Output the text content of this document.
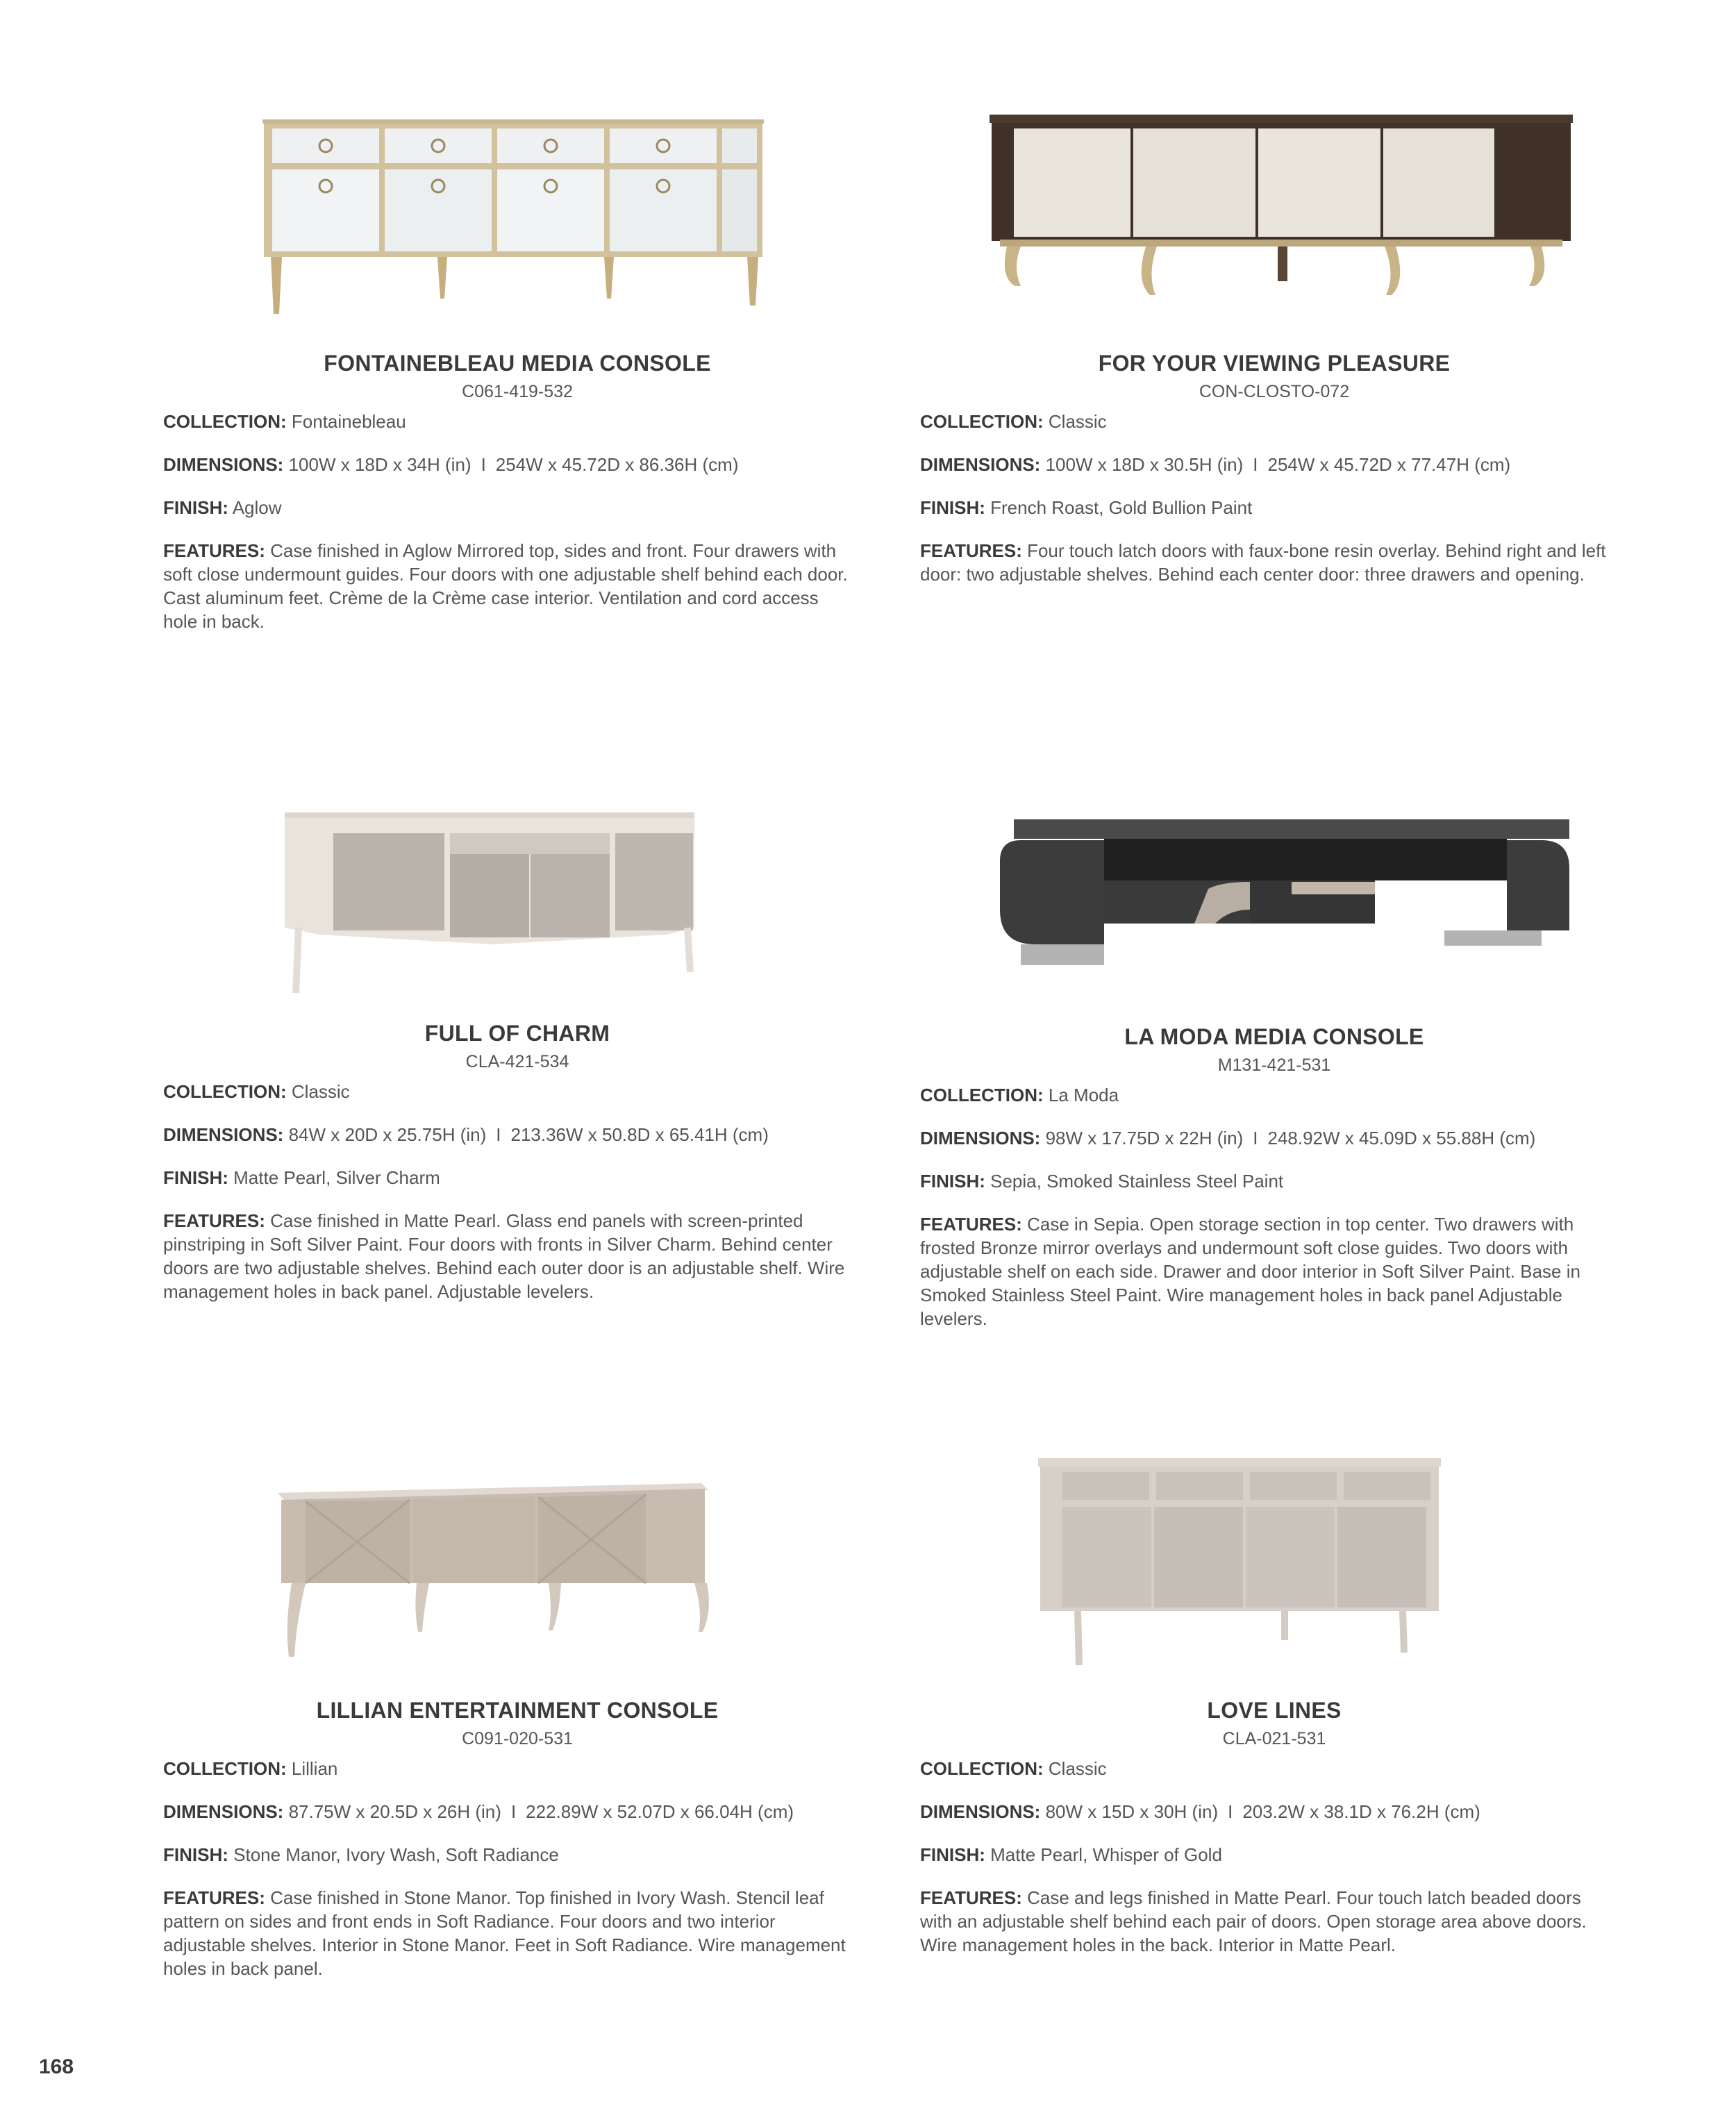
FONTAINEBLEAU MEDIA CONSOLE
C061-419-532

COLLECTION: Fontainebleau

DIMENSIONS: 100W x 18D x 34H (in) I 254W x 45.72D x 86.36H (cm)

FINISH: Aglow

FEATURES: Case finished in Aglow Mirrored top, sides and front. Four drawers with soft close undermount guides. Four doors with one adjustable shelf behind each door. Cast aluminum feet. Crème de la Crème case interior. Ventilation and cord access hole in back.

FOR YOUR VIEWING PLEASURE
CON-CLOSTO-072

COLLECTION: Classic

DIMENSIONS: 100W x 18D x 30.5H (in) I 254W x 45.72D x 77.47H (cm)

FINISH: French Roast, Gold Bullion Paint

FEATURES: Four touch latch doors with faux-bone resin overlay. Behind right and left door: two adjustable shelves. Behind each center door: three drawers and opening.

FULL OF CHARM
CLA-421-534

COLLECTION: Classic

DIMENSIONS: 84W x 20D x 25.75H (in) I 213.36W x 50.8D x 65.41H (cm)

FINISH: Matte Pearl, Silver Charm

FEATURES: Case finished in Matte Pearl. Glass end panels with screen-printed pinstriping in Soft Silver Paint. Four doors with fronts in Silver Charm. Behind center doors are two adjustable shelves. Behind each outer door is an adjustable shelf. Wire management holes in back panel. Adjustable levelers.

LA MODA MEDIA CONSOLE
M131-421-531

COLLECTION: La Moda

DIMENSIONS: 98W x 17.75D x 22H (in) I 248.92W x 45.09D x 55.88H (cm)

FINISH: Sepia, Smoked Stainless Steel Paint

FEATURES: Case in Sepia. Open storage section in top center. Two drawers with frosted Bronze mirror overlays and undermount soft close guides. Two doors with adjustable shelf on each side. Drawer and door interior in Soft Silver Paint. Base in Smoked Stainless Steel Paint. Wire management holes in back panel Adjustable levelers.

LILLIAN ENTERTAINMENT CONSOLE
C091-020-531

COLLECTION: Lillian

DIMENSIONS: 87.75W x 20.5D x 26H (in) I 222.89W x 52.07D x 66.04H (cm)

FINISH: Stone Manor, Ivory Wash, Soft Radiance

FEATURES: Case finished in Stone Manor. Top finished in Ivory Wash. Stencil leaf pattern on sides and front ends in Soft Radiance. Four doors and two interior adjustable shelves. Interior in Stone Manor. Feet in Soft Radiance. Wire management holes in back panel.

LOVE LINES
CLA-021-531

COLLECTION: Classic

DIMENSIONS: 80W x 15D x 30H (in) I 203.2W x 38.1D x 76.2H (cm)

FINISH: Matte Pearl, Whisper of Gold

FEATURES: Case and legs finished in Matte Pearl. Four touch latch beaded doors with an adjustable shelf behind each pair of doors. Open storage area above doors. Wire management holes in the back. Interior in Matte Pearl.

168
